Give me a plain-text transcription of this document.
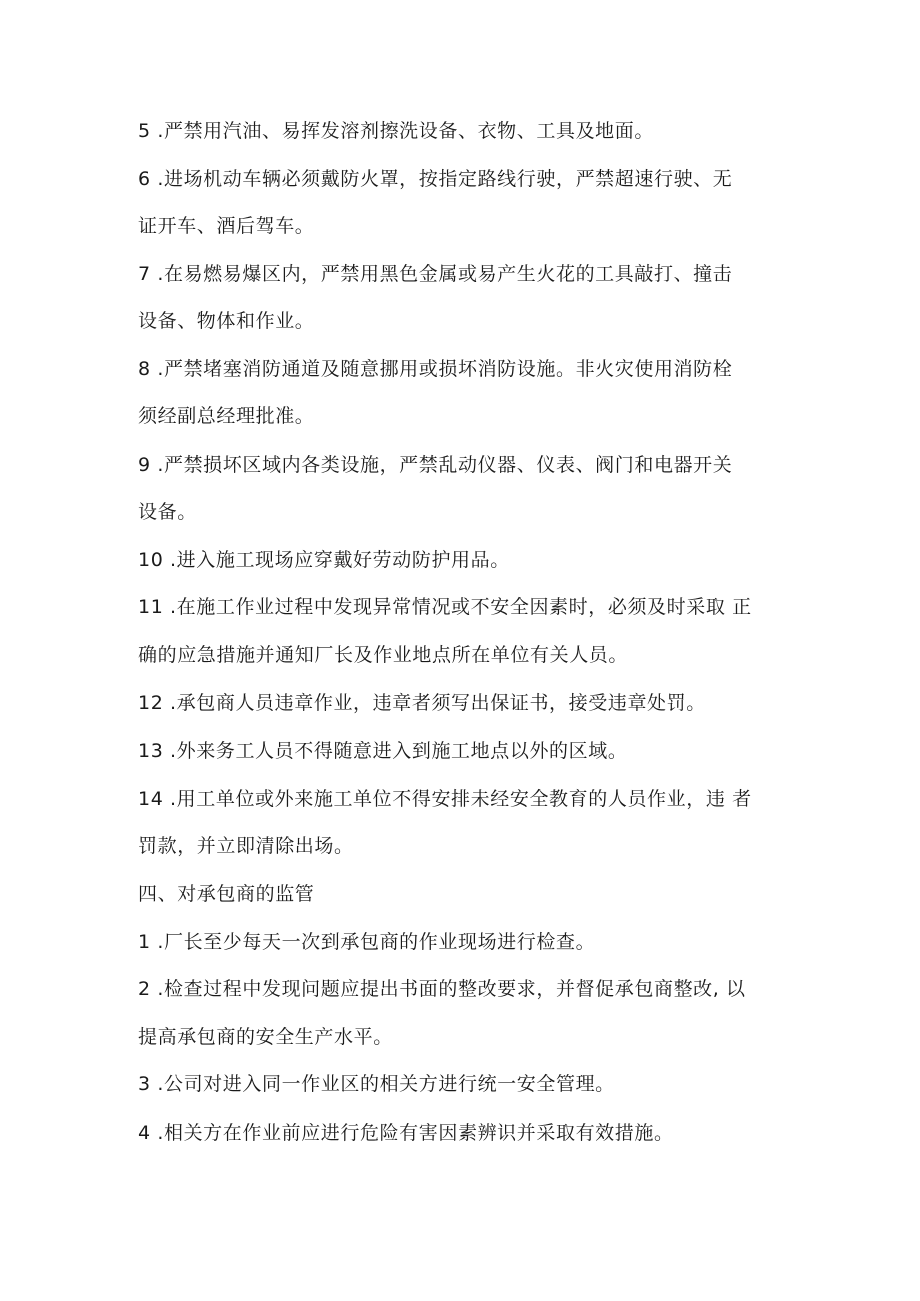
5 .严禁用汽油、易挥发溶剂擦洗设备、衣物、工具及地面。
6 .进场机动车辆必须戴防火罩，按指定路线行驶，严禁超速行驶、无
证开车、酒后驾车。
7 .在易燃易爆区内，严禁用黑色金属或易产生火花的工具敲打、撞击
设备、物体和作业。
8 .严禁堵塞消防通道及随意挪用或损坏消防设施。非火灾使用消防栓
须经副总经理批准。
9 .严禁损坏区域内各类设施，严禁乱动仪器、仪表、阀门和电器开关
设备。
10 .进入施工现场应穿戴好劳动防护用品。
11 .在施工作业过程中发现异常情况或不安全因素时，必须及时采取 正
确的应急措施并通知厂长及作业地点所在单位有关人员。
12 .承包商人员违章作业，违章者须写出保证书，接受违章处罚。
13 .外来务工人员不得随意进入到施工地点以外的区域。
14 .用工单位或外来施工单位不得安排未经安全教育的人员作业，违 者
罚款，并立即清除出场。
四、对承包商的监管
1 .厂长至少每天一次到承包商的作业现场进行检查。
2 .检查过程中发现问题应提出书面的整改要求，并督促承包商整改, 以
提高承包商的安全生产水平。
3 .公司对进入同一作业区的相关方进行统一安全管理。
4 .相关方在作业前应进行危险有害因素辨识并采取有效措施。
